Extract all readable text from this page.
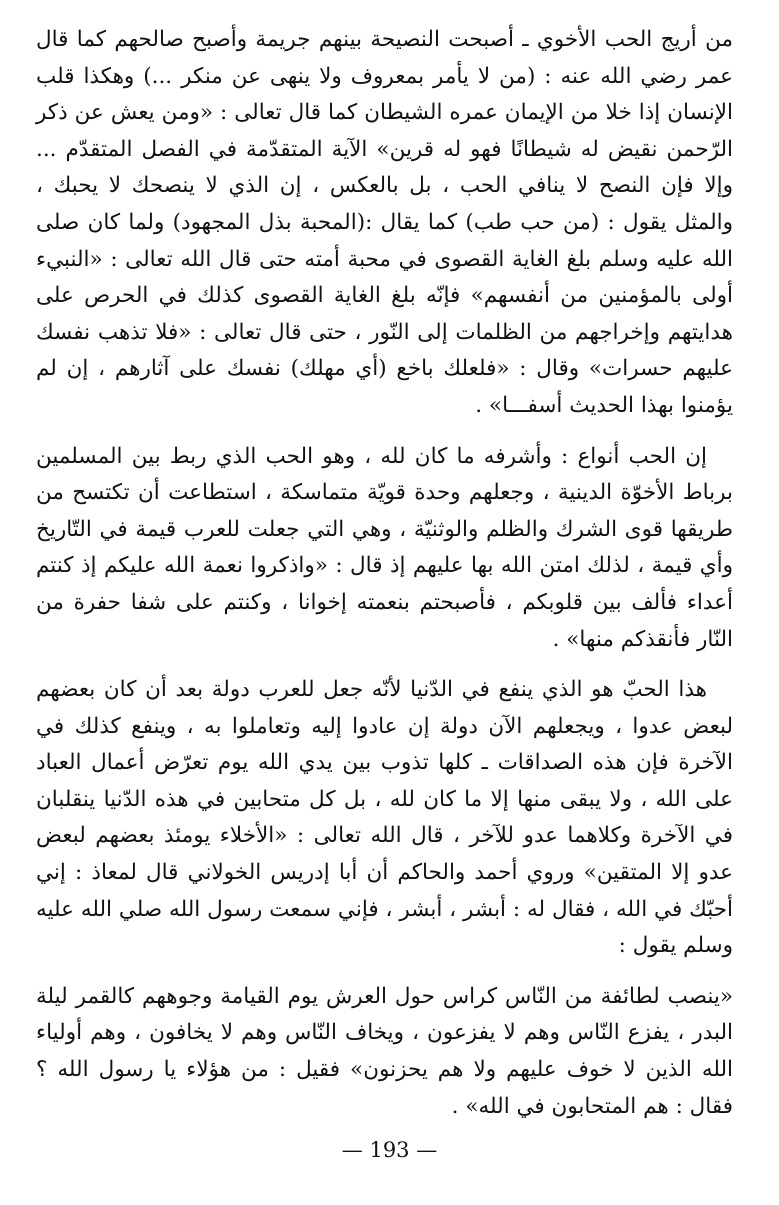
من أريج الحب الأخوي ـ أصبحت النصيحة بينهم جريمة وأصبح صالحهم كما قال عمر رضي الله عنه : (من لا يأمر بمعروف ولا ينهى عن منكر ...) وهكذا قلب الإنسان إذا خلا من الإيمان عمره الشيطان كما قال تعالى : «ومن يعش عن ذكر الرّحمن نقيض له شيطانًا فهو له قرين» الآية المتقدّمة في الفصل المتقدّم ... وإلا فإن النصح لا ينافي الحب ، بل بالعكس ، إن الذي لا ينصحك لا يحبك ، والمثل يقول : (من حب طب) كما يقال :(المحبة بذل المجهود) ولما كان صلى الله عليه وسلم بلغ الغاية القصوى في محبة أمته حتى قال الله تعالى : «النبيء أولى بالمؤمنين من أنفسهم» فإنّه بلغ الغاية القصوى كذلك في الحرص على هدايتهم وإخراجهم من الظلمات إلى النّور ، حتى قال تعالى : «فلا تذهب نفسك عليهم حسرات» وقال : «فلعلك باخع (أي مهلك) نفسك على آثارهم ، إن لم يؤمنوا بهذا الحديث أسفـــا» .

إن الحب أنواع : وأشرفه ما كان لله ، وهو الحب الذي ربط بين المسلمين برباط الأخوّة الدينية ، وجعلهم وحدة قويّة متماسكة ، استطاعت أن تكتسح من طريقها قوى الشرك والظلم والوثنيّة ، وهي التي جعلت للعرب قيمة في التّاريخ وأي قيمة ، لذلك امتن الله بها عليهم إذ قال : «واذكروا نعمة الله عليكم إذ كنتم أعداء فألف بين قلوبكم ، فأصبحتم بنعمته إخوانا ، وكنتم على شفا حفرة من النّار فأنقذكم منها» .

هذا الحبّ هو الذي ينفع في الدّنيا لأنّه جعل للعرب دولة بعد أن كان بعضهم لبعض عدوا ، ويجعلهم الآن دولة إن عادوا إليه وتعاملوا به ، وينفع كذلك في الآخرة فإن هذه الصداقات ـ كلها تذوب بين يدي الله يوم تعرّض أعمال العباد على الله ، ولا يبقى منها إلا ما كان لله ، بل كل متحابين في هذه الدّنيا ينقلبان في الآخرة وكلاهما عدو للآخر ، قال الله تعالى : «الأخلاء يومئذ بعضهم لبعض عدو إلا المتقين» وروي أحمد والحاكم أن أبا إدريس الخولاني قال لمعاذ : إني أحبّك في الله ، فقال له : أبشر ، أبشر ، فإني سمعت رسول الله صلي الله عليه وسلم يقول :

«ينصب لطائفة من النّاس كراس حول العرش يوم القيامة وجوههم كالقمر ليلة البدر ، يفزع النّاس وهم لا يفزعون ، ويخاف النّاس وهم لا يخافون ، وهم أولياء الله الذين لا خوف عليهم ولا هم يحزنون» فقيل : من هؤلاء يا رسول الله ؟ فقال : هم المتحابون في الله» .

— 193 —
